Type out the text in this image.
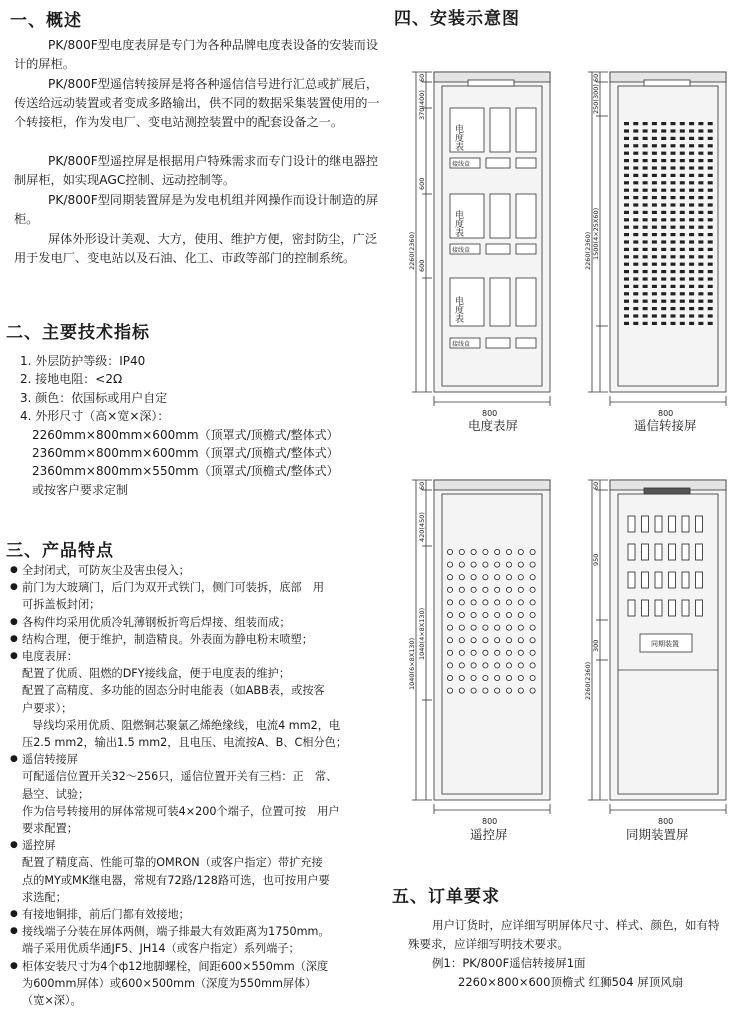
一、概述

PK/800F型电度表屏是专门为各种品牌电度表设备的安装而设计的屏柜。

PK/800F型遥信转接屏是将各种遥信信号进行汇总或扩展后，传送给远动装置或者变成多路输出，供不同的数据采集装置使用的一个转接柜，作为发电厂、变电站测控装置中的配套设备之一。

PK/800F型遥控屏是根据用户特殊需求而专门设计的继电器控制屏柜，如实现AGC控制、远动控制等。

PK/800F型同期装置屏是为发电机组并网操作而设计制造的屏柜。

屏体外形设计美观、大方，使用、维护方便，密封防尘，广泛用于发电厂、变电站以及石油、化工、市政等部门的控制系统。

二、主要技术指标
1. 外层防护等级：IP40
2. 接地电阻：<2Ω
3. 颜色：依国标或用户自定
4. 外形尺寸（高×宽×深）：
2260mm×800mm×600mm（顶罩式/顶檐式/整体式）
2360mm×800mm×600mm（顶罩式/顶檐式/整体式）
2360mm×800mm×550mm（顶罩式/顶檐式/整体式）
或按客户要求定制
三、产品特点
● 全封闭式，可防灰尘及害虫侵入；
● 前门为大玻璃门，后门为双开式铁门，侧门可装拆，底部　用
可拆盖板封闭；
● 各构件均采用优质冷轧薄钢板折弯后焊接、组装而成；
● 结构合理，便于维护，制造精良。外表面为静电粉末喷塑；
● 电度表屏：
配置了优质、阻燃的DFY接线盒，便于电度表的维护；
配置了高精度、多功能的固态分时电能表（如ABB表，或按客
户要求）；
导线均采用优质、阻燃铜芯聚氯乙烯绝缘线，电流4 mm2，电
压2.5 mm2，输出1.5 mm2，且电压、电流按A、B、C相分色；
● 遥信转接屏
可配遥信位置开关32～256只，遥信位置开关有三档：正　常、
悬空、试验；
作为信号转接用的屏体常规可装4×200个端子，位置可按　用户
要求配置；
● 遥控屏
配置了精度高、性能可靠的OMRON（或客户指定）带扩充接
点的MY或MK继电器，常规有72路/128路可选，也可按用户要
求选配；
● 有接地铜排，前后门都有效接地；
● 接线端子分装在屏体两侧，端子排最大有效距离为1750mm。
端子采用优质华通JF5、JH14（或客户指定）系列端子；
● 柜体安装尺寸为4个ф12地脚螺栓，间距600×550mm（深度
为600mm屏体）或600×500mm（深度为550mm屏体）
（宽×深）。
四、安装示意图
电度表
电度表
电度表
接线盒
接线盒
接线盒
同期装置
800	800
800	800
60
370(400)
600
600
2260(2360)
60
250(300)
1500(4×25X60)
2260(2360)
60
420(450)
1040(6×8X130)
1040(4×8X130)
60
950
300
2260(2360)
电度表屏	遥信转接屏
遥控屏	同期装置屏
五、订单要求
用户订货时，应详细写明屏体尺寸、样式、颜色，如有特殊要求，应详细写明技术要求。
例1：PK/800F遥信转接屏1面
2260×800×600顶檐式 红狮504 屏顶风扇
